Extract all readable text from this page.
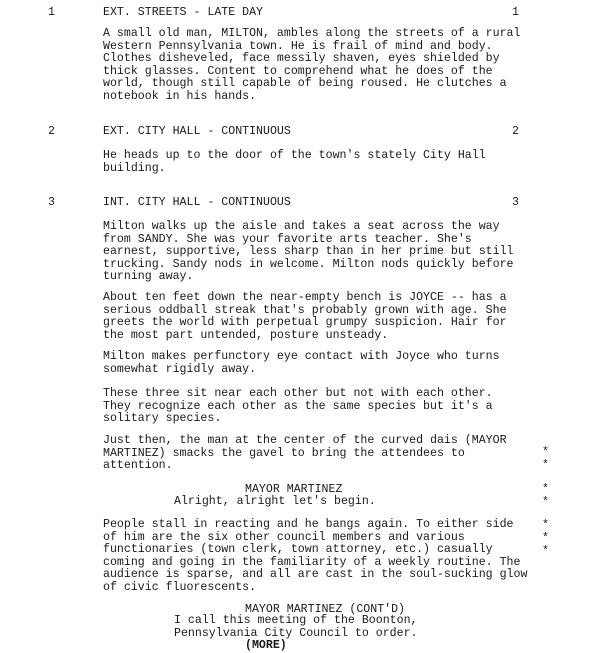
1	EXT. STREETS - LATE DAY	1
A small old man, MILTON, ambles along the streets of a rural
Western Pennsylvania town. He is frail of mind and body.
Clothes disheveled, face messily shaven, eyes shielded by
thick glasses. Content to comprehend what he does of the
world, though still capable of being roused. He clutches a
notebook in his hands.
2	EXT. CITY HALL - CONTINUOUS	2
He heads up to the door of the town's stately City Hall
building.
3	INT. CITY HALL - CONTINUOUS	3
Milton walks up the aisle and takes a seat across the way
from SANDY. She was your favorite arts teacher. She's
earnest, supportive, less sharp than in her prime but still
trucking. Sandy nods in welcome. Milton nods quickly before
turning away.
About ten feet down the near-empty bench is JOYCE -- has a
serious oddball streak that's probably grown with age. She
greets the world with perpetual grumpy suspicion. Hair for
the most part untended, posture unsteady.
Milton makes perfunctory eye contact with Joyce who turns
somewhat rigidly away.
These three sit near each other but not with each other.
They recognize each other as the same species but it's a
solitary species.
Just then, the man at the center of the curved dais (MAYOR
MARTINEZ) smacks the gavel to bring the attendees to
attention.
MAYOR MARTINEZ
Alright, alright let's begin.
People stall in reacting and he bangs again. To either side
of him are the six other council members and various
functionaries (town clerk, town attorney, etc.) casually
coming and going in the familiarity of a weekly routine. The
audience is sparse, and all are cast in the soul-sucking glow
of civic fluorescents.
MAYOR MARTINEZ (CONT'D)
I call this meeting of the Boonton,
Pennsylvania City Council to order.
(MORE)
*
*
*
*
*
*
*
